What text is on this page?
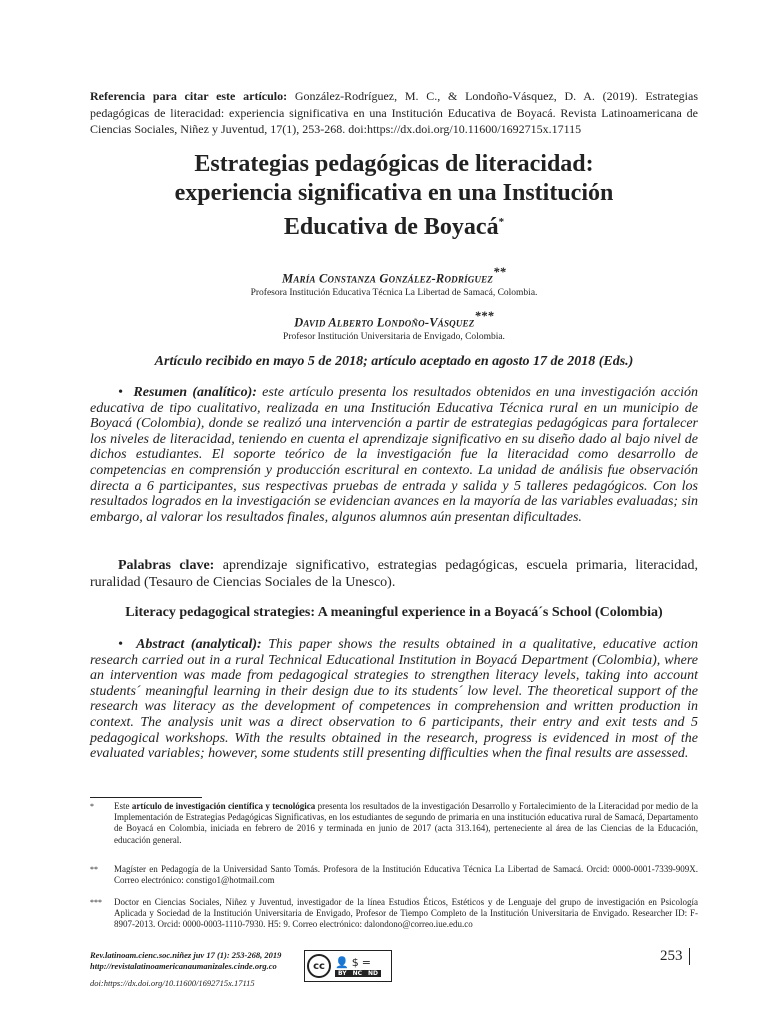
Referencia para citar este artículo: González-Rodríguez, M. C., & Londoño-Vásquez, D. A. (2019). Estrategias pedagógicas de literacidad: experiencia significativa en una Institución Educativa de Boyacá. Revista Latinoamericana de Ciencias Sociales, Niñez y Juventud, 17(1), 253-268. doi:https://dx.doi.org/10.11600/1692715x.17115

Estrategias pedagógicas de literacidad:
experiencia significativa en una Institución
Educativa de Boyacá*
María Constanza González-Rodríguez**
Profesora Institución Educativa Técnica La Libertad de Samacá, Colombia.
David Alberto Londoño-Vásquez***
Profesor Institución Universitaria de Envigado, Colombia.
Artículo recibido en mayo 5 de 2018; artículo aceptado en agosto 17 de 2018 (Eds.)

• Resumen (analítico): este artículo presenta los resultados obtenidos en una investigación acción educativa de tipo cualitativo, realizada en una Institución Educativa Técnica rural en un municipio de Boyacá (Colombia), donde se realizó una intervención a partir de estrategias pedagógicas para fortalecer los niveles de literacidad, teniendo en cuenta el aprendizaje significativo en su diseño dado al bajo nivel de dichos estudiantes. El soporte teórico de la investigación fue la literacidad como desarrollo de competencias en comprensión y producción escritural en contexto. La unidad de análisis fue observación directa a 6 participantes, sus respectivas pruebas de entrada y salida y 5 talleres pedagógicos. Con los resultados logrados en la investigación se evidencian avances en la mayoría de las variables evaluadas; sin embargo, al valorar los resultados finales, algunos alumnos aún presentan dificultades.

Palabras clave: aprendizaje significativo, estrategias pedagógicas, escuela primaria, literacidad, ruralidad (Tesauro de Ciencias Sociales de la Unesco).

Literacy pedagogical strategies: A meaningful experience in a Boyacá´s School (Colombia)

• Abstract (analytical): This paper shows the results obtained in a qualitative, educative action research carried out in a rural Technical Educational Institution in Boyacá Department (Colombia), where an intervention was made from pedagogical strategies to strengthen literacy levels, taking into account students´ meaningful learning in their design due to its students´ low level. The theoretical support of the research was literacy as the development of competences in comprehension and written production in context. The analysis unit was a direct observation to 6 participants, their entry and exit tests and 5 pedagogical workshops. With the results obtained in the research, progress is evidenced in most of the evaluated variables; however, some students still presenting difficulties when the final results are assessed.

* Este artículo de investigación científica y tecnológica presenta los resultados de la investigación Desarrollo y Fortalecimiento de la Literacidad por medio de la Implementación de Estrategias Pedagógicas Significativas, en los estudiantes de segundo de primaria en una institución educativa rural de Samacá, Departamento de Boyacá en Colombia, iniciada en febrero de 2016 y terminada en junio de 2017 (acta 313.164), perteneciente al área de las Ciencias de la Educación, educación general.
** Magíster en Pedagogía de la Universidad Santo Tomás. Profesora de la Institución Educativa Técnica La Libertad de Samacá. Orcid: 0000-0001-7339-909X. Correo electrónico: constigo1@hotmail.com
*** Doctor en Ciencias Sociales, Niñez y Juventud, investigador de la línea Estudios Éticos, Estéticos y de Lenguaje del grupo de investigación en Psicología Aplicada y Sociedad de la Institución Universitaria de Envigado, Profesor de Tiempo Completo de la Institución Universitaria de Envigado. Researcher ID: F-8907-2013. Orcid: 0000-0003-1110-7930. H5: 9. Correo electrónico: dalondono@correo.iue.edu.co
Rev.latinoam.cienc.soc.niñez juv 17 (1): 253-268, 2019
http://revistalatinoamericanaumanizales.cinde.org.co
doi:https://dx.doi.org/10.11600/1692715x.17115
cc 👤 $ =
BY NC ND
253
